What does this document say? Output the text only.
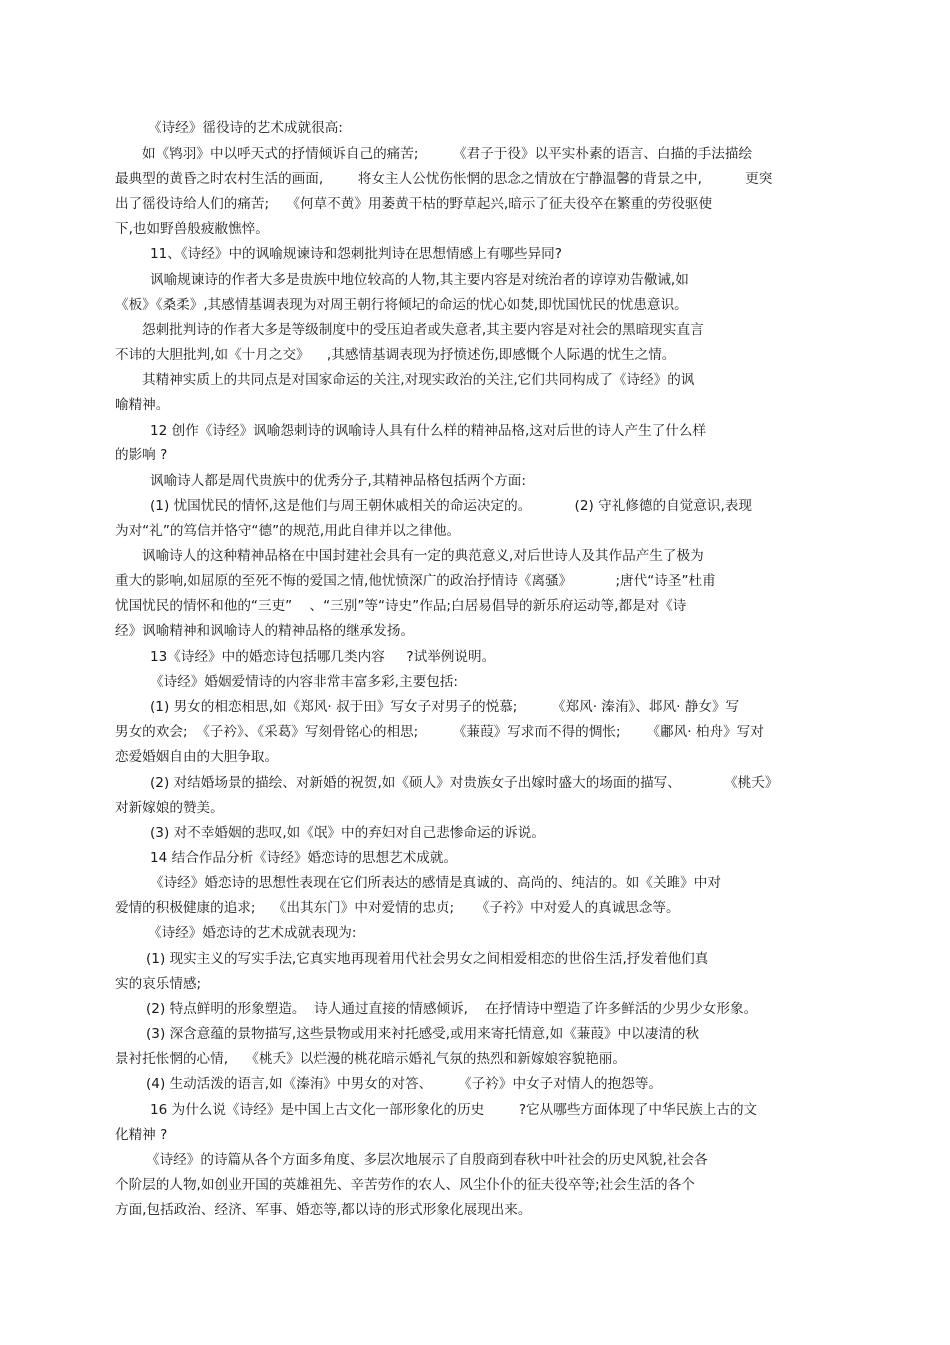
《诗经》徭役诗的艺术成就很高:
如《鸨羽》中以呼天式的抒情倾诉自己的痛苦;        《君子于役》以平实朴素的语言、白描的手法描绘
最典型的黄昏之时农村生活的画面,        将女主人公忧伤怅惘的思念之情放在宁静温馨的背景之中,          更突
出了徭役诗给人们的痛苦;    《何草不黄》用萎黄干枯的野草起兴,暗示了征夫役卒在繁重的劳役驱使
下,也如野兽般疲敝憔悴。
11、《诗经》中的讽喻规谏诗和怨刺批判诗在思想情感上有哪些异同?
讽喻规谏诗的作者大多是贵族中地位较高的人物,其主要内容是对统治者的谆谆劝告儆诫,如
《板》《桑柔》,其感情基调表现为对周王朝行将倾圮的命运的忧心如焚,即忧国忧民的忧患意识。
怨刺批判诗的作者大多是等级制度中的受压迫者或失意者,其主要内容是对社会的黑暗现实直言
不讳的大胆批判,如《十月之交》    ,其感情基调表现为抒愤述伤,即感慨个人际遇的忧生之情。
其精神实质上的共同点是对国家命运的关注,对现实政治的关注,它们共同构成了《诗经》的讽
喻精神。
12 创作《诗经》讽喻怨刺诗的讽喻诗人具有什么样的精神品格,这对后世的诗人产生了什么样
的影响 ?
讽喻诗人都是周代贵族中的优秀分子,其精神品格包括两个方面:
(1) 忧国忧民的情怀,这是他们与周王朝休戚相关的命运决定的。          (2) 守礼修德的自觉意识,表现
为对“礼”的笃信并恪守“德”的规范,用此自律并以之律他。
讽喻诗人的这种精神品格在中国封建社会具有一定的典范意义,对后世诗人及其作品产生了极为
重大的影响,如屈原的至死不悔的爱国之情,他忧愤深广的政治抒情诗《离骚》          ;唐代“诗圣”杜甫
忧国忧民的情怀和他的“三吏”    、“三别”等“诗史”作品;白居易倡导的新乐府运动等,都是对《诗
经》讽喻精神和讽喻诗人的精神品格的继承发扬。
13《诗经》中的婚恋诗包括哪几类内容     ?试举例说明。
《诗经》婚姻爱情诗的内容非常丰富多彩,主要包括:
(1) 男女的相恋相思,如《郑风· 叔于田》写女子对男子的悦慕;        《郑风· 溱洧》、邶风· 静女》写
男女的欢会;  《子衿》、《采葛》写刻骨铭心的相思;        《蒹葭》写求而不得的惆怅;      《鄘风· 柏舟》写对
恋爱婚姻自由的大胆争取。
(2) 对结婚场景的描绘、对新婚的祝贺,如《硕人》对贵族女子出嫁时盛大的场面的描写、          《桃夭》
对新嫁娘的赞美。
(3) 对不幸婚姻的悲叹,如《氓》中的弃妇对自己悲惨命运的诉说。
14 结合作品分析《诗经》婚恋诗的思想艺术成就。
《诗经》婚恋诗的思想性表现在它们所表达的感情是真诚的、高尚的、纯洁的。如《关雎》中对
爱情的积极健康的追求;    《出其东门》中对爱情的忠贞;     《子衿》中对爱人的真诚思念等。
《诗经》婚恋诗的艺术成就表现为:
(1) 现实主义的写实手法,它真实地再现着用代社会男女之间相爱相恋的世俗生活,抒发着他们真
实的哀乐情感;
(2) 特点鲜明的形象塑造。  诗人通过直接的情感倾诉,    在抒情诗中塑造了许多鲜活的少男少女形象。
(3) 深含意蕴的景物描写,这些景物或用来衬托感受,或用来寄托情意,如《蒹葭》中以凄清的秋
景衬托怅惘的心情,    《桃夭》以烂漫的桃花暗示婚礼气氛的热烈和新嫁娘容貌艳丽。
(4) 生动活泼的语言,如《溱洧》中男女的对答、      《子衿》中女子对情人的抱怨等。
16 为什么说《诗经》是中国上古文化一部形象化的历史        ?它从哪些方面体现了中华民族上古的文
化精神 ?
《诗经》的诗篇从各个方面多角度、多层次地展示了自殷商到春秋中叶社会的历史风貌,社会各
个阶层的人物,如创业开国的英雄祖先、辛苦劳作的农人、风尘仆仆的征夫役卒等;社会生活的各个
方面,包括政治、经济、军事、婚恋等,都以诗的形式形象化展现出来。
